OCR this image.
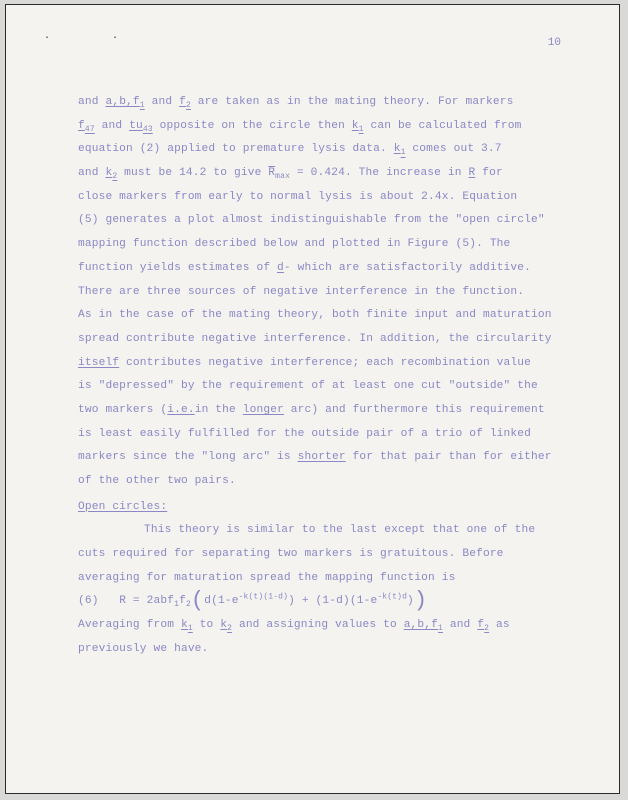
· ·	10
and $a,b,f_1$ and $f_2$ are taken as in the mating theory. For markers
$f_{47}$ and $tu_{43}$ opposite on the circle then $k_1$ can be calculated from
equation (2) applied to premature lysis data. $k_1$ comes out 3.7
and $k_2$ must be 14.2 to give $\overline{R}_{max} = 0.424$. The increase in R for
close markers from early to normal lysis is about 2.4x. Equation
(5) generates a plot almost indistinguishable from the "open circle"
mapping function described below and plotted in Figure (5). The
function yields estimates of d- which are satisfactorily additive.
There are three sources of negative interference in the function.
As in the case of the mating theory, both finite input and maturation
spread contribute negative interference. In addition, the circularity
itself contributes negative interference; each recombination value
is "depressed" by the requirement of at least one cut "outside" the
two markers (i.e.in the longer arc) and furthermore this requirement
is least easily fulfilled for the outside pair of a trio of linked
markers since the "long arc" is shorter for that pair than for either
of the other two pairs.
Open circles:
This theory is similar to the last except that one of the
cuts required for separating two markers is gratuitous. Before
averaging for maturation spread the mapping function is
(6) $R = 2abf_1f_2(d(1-e^{-k(t)(1-d)}) + (1-d)(1-e^{-k(t)d}))$
Averaging from $k_1$ to $k_2$ and assigning values to $a,b,f_1$ and $f_2$ as
previously we have.
